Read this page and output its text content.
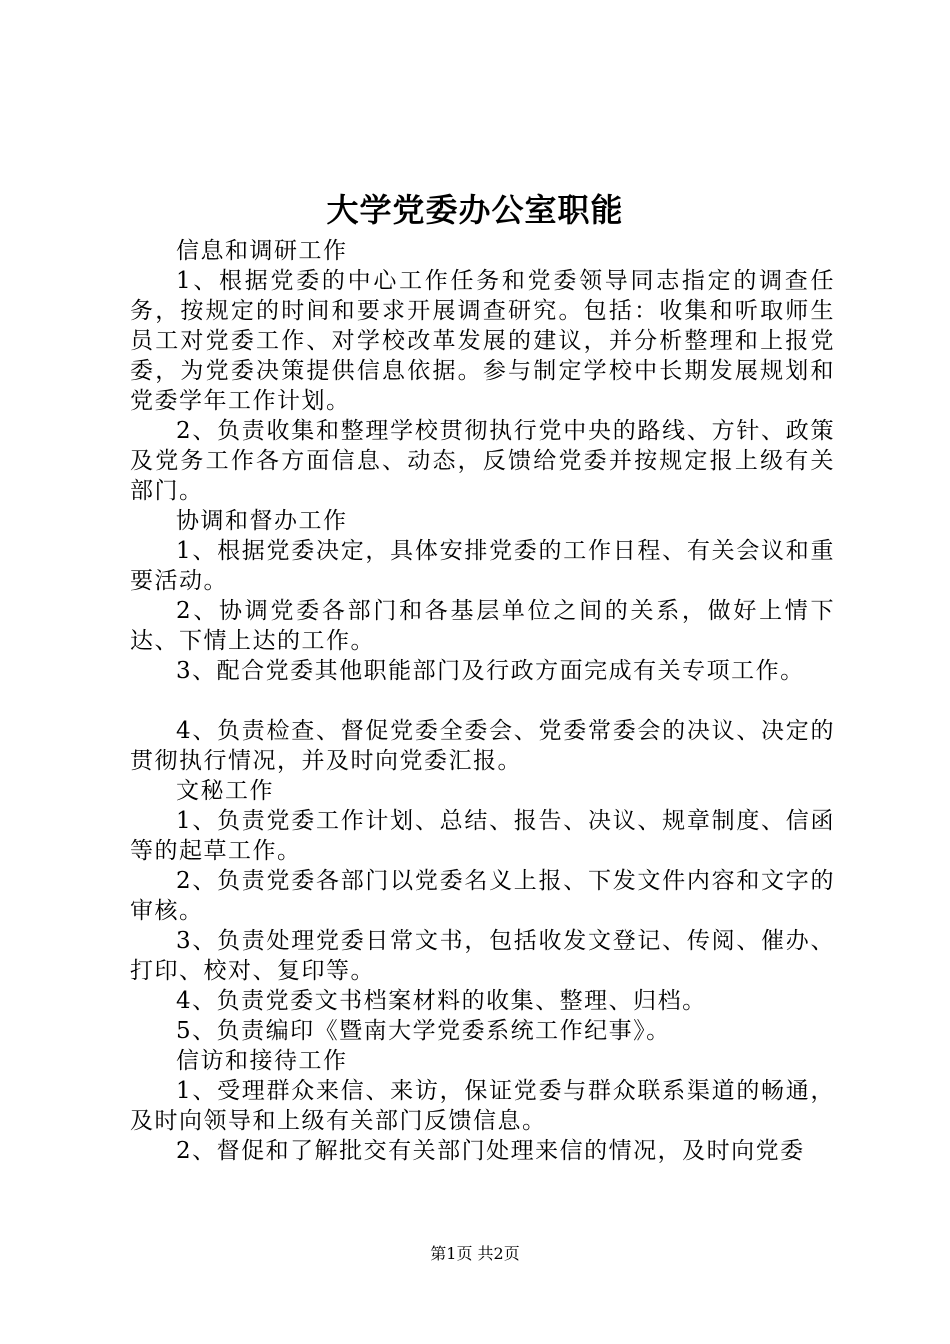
大学党委办公室职能

信息和调研工作

1、根据党委的中心工作任务和党委领导同志指定的调查任务，按规定的时间和要求开展调查研究。包括：收集和听取师生员工对党委工作、对学校改革发展的建议，并分析整理和上报党委，为党委决策提供信息依据。参与制定学校中长期发展规划和党委学年工作计划。

2、负责收集和整理学校贯彻执行党中央的路线、方针、政策及党务工作各方面信息、动态，反馈给党委并按规定报上级有关部门。

协调和督办工作

1、根据党委决定，具体安排党委的工作日程、有关会议和重要活动。

2、协调党委各部门和各基层单位之间的关系，做好上情下达、下情上达的工作。

3、配合党委其他职能部门及行政方面完成有关专项工作。

4、负责检查、督促党委全委会、党委常委会的决议、决定的贯彻执行情况，并及时向党委汇报。

文秘工作

1、负责党委工作计划、总结、报告、决议、规章制度、信函等的起草工作。

2、负责党委各部门以党委名义上报、下发文件内容和文字的审核。

3、负责处理党委日常文书，包括收发文登记、传阅、催办、打印、校对、复印等。

4、负责党委文书档案材料的收集、整理、归档。

5、负责编印《暨南大学党委系统工作纪事》。

信访和接待工作

1、受理群众来信、来访，保证党委与群众联系渠道的畅通，及时向领导和上级有关部门反馈信息。

2、督促和了解批交有关部门处理来信的情况，及时向党委

第1页 共2页
